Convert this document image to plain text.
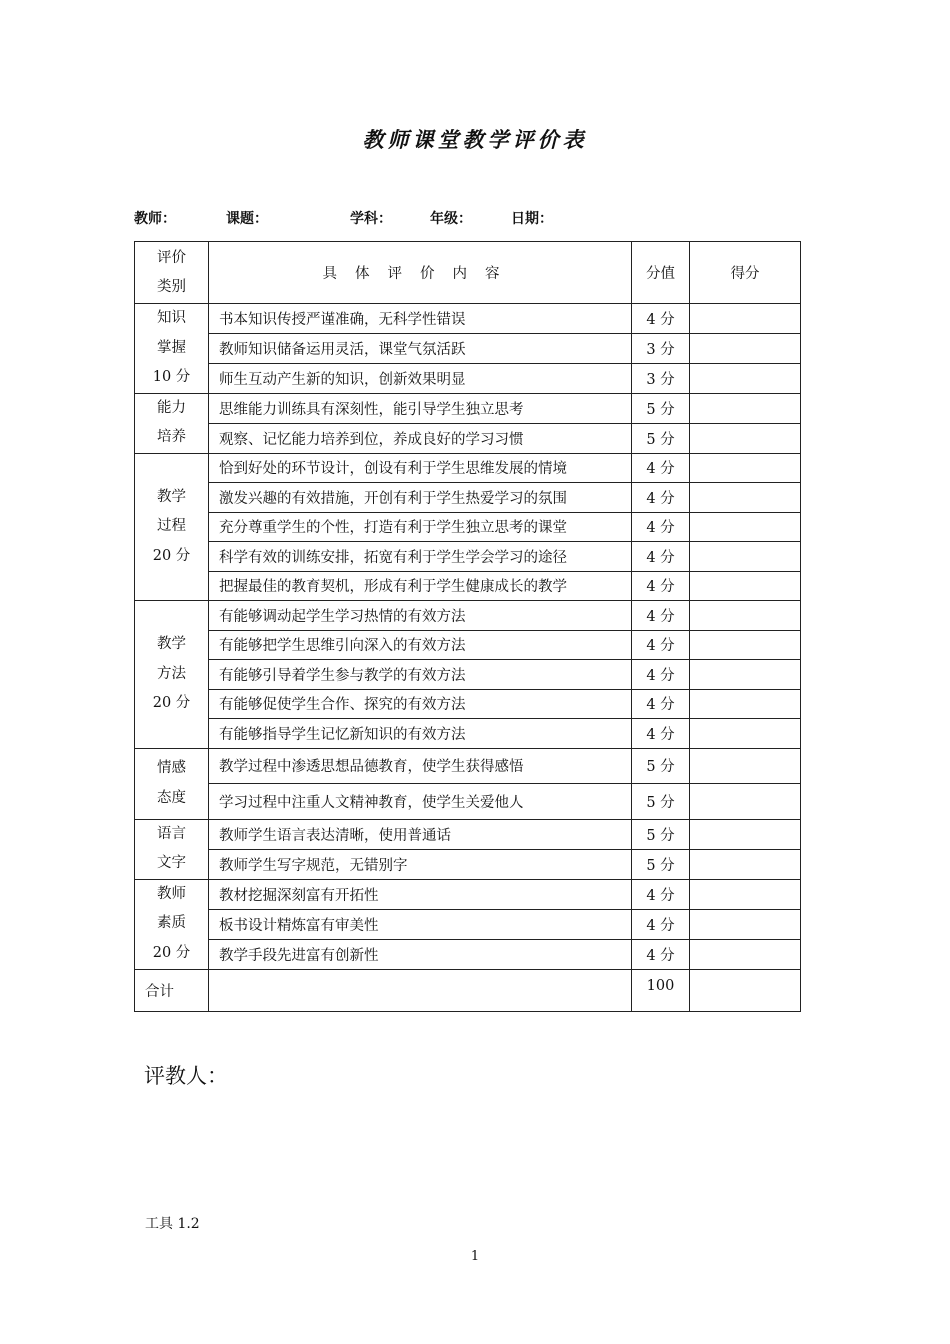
教师课堂教学评价表
教师：	课题：	学科：	年级：	日期：
评价
类别	具体评价内容	分值	得分

知识
掌握
10 分	书本知识传授严谨准确，无科学性错误	4 分	
	教师知识储备运用灵活，课堂气氛活跃	3 分	
	师生互动产生新的知识，创新效果明显	3 分	

能力
培养	思维能力训练具有深刻性，能引导学生独立思考	5 分	
	观察、记忆能力培养到位，养成良好的学习习惯	5 分	

教学
过程
20 分	恰到好处的环节设计，创设有利于学生思维发展的情境	4 分	
	激发兴趣的有效措施，开创有利于学生热爱学习的氛围	4 分	
	充分尊重学生的个性，打造有利于学生独立思考的课堂	4 分	
	科学有效的训练安排，拓宽有利于学生学会学习的途径	4 分	
	把握最佳的教育契机，形成有利于学生健康成长的教学	4 分	

教学
方法
20 分	有能够调动起学生学习热情的有效方法	4 分	
	有能够把学生思维引向深入的有效方法	4 分	
	有能够引导着学生参与教学的有效方法	4 分	
	有能够促使学生合作、探究的有效方法	4 分	
	有能够指导学生记忆新知识的有效方法	4 分	

情感
态度	教学过程中渗透思想品德教育，使学生获得感悟	5 分	
	学习过程中注重人文精神教育，使学生关爱他人	5 分	

语言
文字	教师学生语言表达清晰，使用普通话	5 分	
	教师学生写字规范，无错别字	5 分	

教师
素质
20 分	教材挖掘深刻富有开拓性	4 分	
	板书设计精炼富有审美性	4 分	
	教学手段先进富有创新性	4 分	
合计		100	
评教人：
工具 1.2
1
